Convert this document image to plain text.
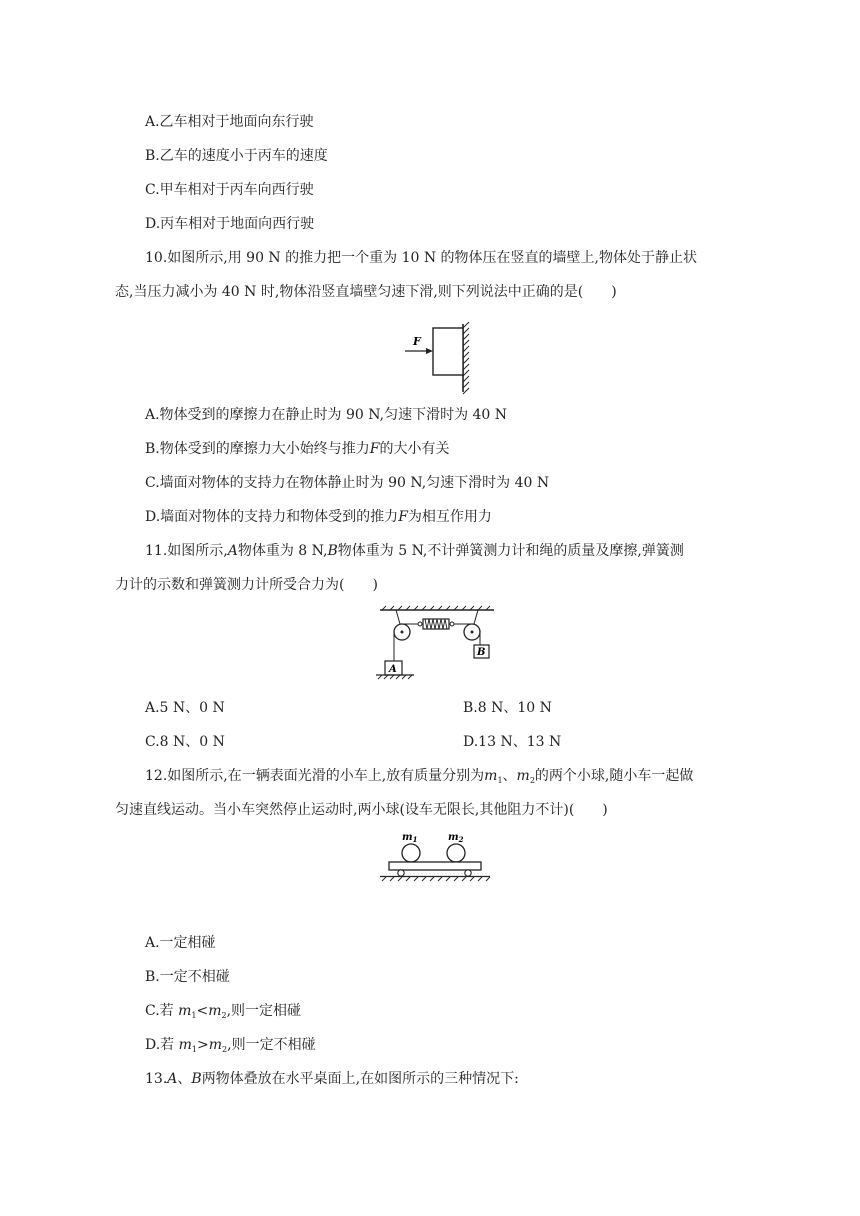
A.乙车相对于地面向东行驶
B.乙车的速度小于丙车的速度
C.甲车相对于丙车向西行驶
D.丙车相对于地面向西行驶
10.如图所示,用 90 N 的推力把一个重为 10 N 的物体压在竖直的墙壁上,物体处于静止状
态,当压力减小为 40 N 时,物体沿竖直墙壁匀速下滑,则下列说法中正确的是(　　)
F
A.物体受到的摩擦力在静止时为 90 N,匀速下滑时为 40 N
B.物体受到的摩擦力大小始终与推力F的大小有关
C.墙面对物体的支持力在物体静止时为 90 N,匀速下滑时为 40 N
D.墙面对物体的支持力和物体受到的推力F为相互作用力
11.如图所示,A物体重为 8 N,B物体重为 5 N,不计弹簧测力计和绳的质量及摩擦,弹簧测
力计的示数和弹簧测力计所受合力为(　　)
A
B
A.5 N、0 N	B.8 N、10 N
C.8 N、0 N	D.13 N、13 N
12.如图所示,在一辆表面光滑的小车上,放有质量分别为$m_1$、$m_2$的两个小球,随小车一起做
匀速直线运动。当小车突然停止运动时,两小球(设车无限长,其他阻力不计)(　　)
$m_1$	$m_2$
A.一定相碰
B.一定不相碰
C.若 $m_1<m_2$,则一定相碰
D.若 $m_1>m_2$,则一定不相碰
13.A、B两物体叠放在水平桌面上,在如图所示的三种情况下:
